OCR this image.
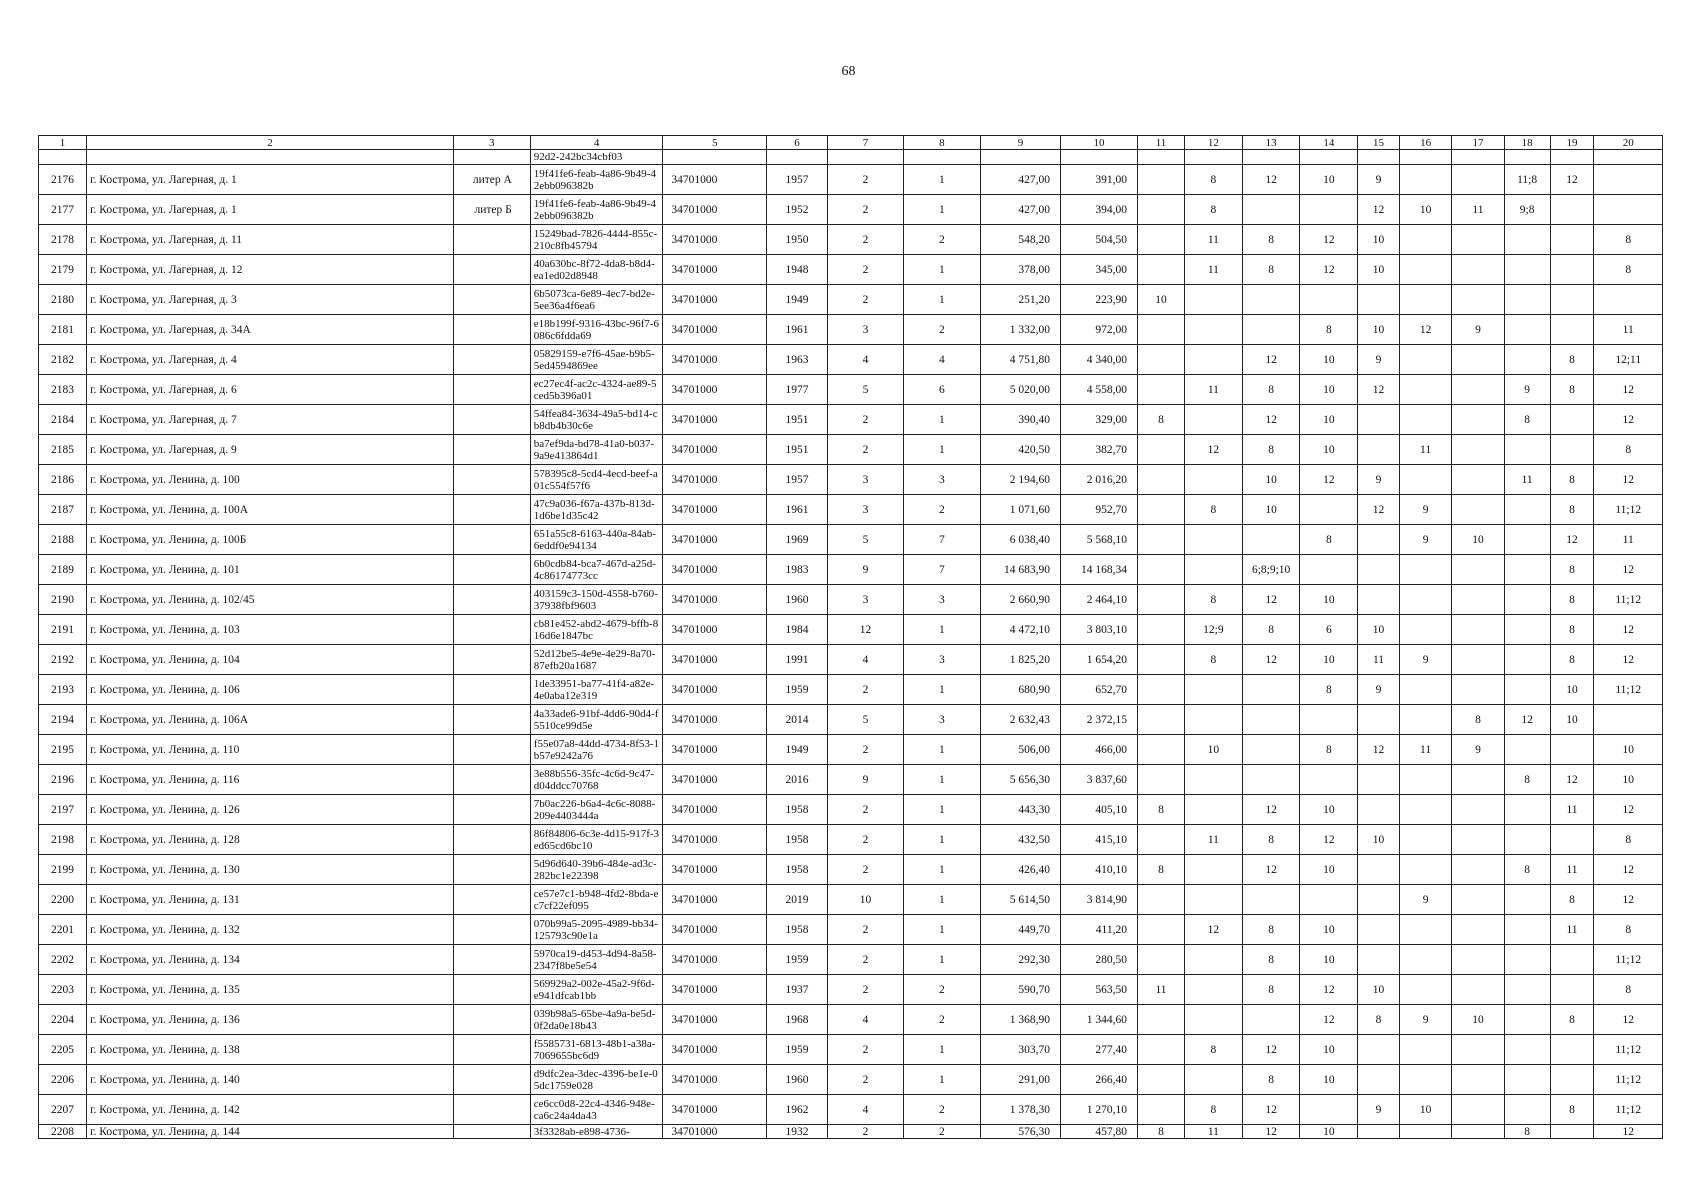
68
1	2	3	4	5	6	7	8	9	10	11	12	13	14	15	16	17	18	19	20
			92d2-242bc34cbf03																
2176	г. Кострома, ул. Лагерная, д. 1	литер А	19f41fe6-feab-4a86-9b49-42ebb096382b	34701000	1957	2	1	427,00	391,00		8	12	10	9			11;8	12	
2177	г. Кострома, ул. Лагерная, д. 1	литер Б	19f41fe6-feab-4a86-9b49-42ebb096382b	34701000	1952	2	1	427,00	394,00		8			12	10	11	9;8		
2178	г. Кострома, ул. Лагерная, д. 11		15249bad-7826-4444-855c-210c8fb45794	34701000	1950	2	2	548,20	504,50		11	8	12	10					8
2179	г. Кострома, ул. Лагерная, д. 12		40a630bc-8f72-4da8-b8d4-ea1ed02d8948	34701000	1948	2	1	378,00	345,00		11	8	12	10					8
2180	г. Кострома, ул. Лагерная, д. 3		6b5073ca-6e89-4ec7-bd2e-5ee36a4f6ea6	34701000	1949	2	1	251,20	223,90	10									
2181	г. Кострома, ул. Лагерная, д. 34А		e18b199f-9316-43bc-96f7-6086c6fdda69	34701000	1961	3	2	1 332,00	972,00				8	10	12	9			11
2182	г. Кострома, ул. Лагерная, д. 4		05829159-e7f6-45ae-b9b5-5ed4594869ee	34701000	1963	4	4	4 751,80	4 340,00			12	10	9				8	12;11
2183	г. Кострома, ул. Лагерная, д. 6		ec27ec4f-ac2c-4324-ae89-5ced5b396a01	34701000	1977	5	6	5 020,00	4 558,00		11	8	10	12			9	8	12
2184	г. Кострома, ул. Лагерная, д. 7		54ffea84-3634-49a5-bd14-cb8db4b30c6e	34701000	1951	2	1	390,40	329,00	8		12	10				8		12
2185	г. Кострома, ул. Лагерная, д. 9		ba7ef9da-bd78-41a0-b037-9a9e413864d1	34701000	1951	2	1	420,50	382,70		12	8	10		11				8
2186	г. Кострома, ул. Ленина, д. 100		578395c8-5cd4-4ecd-beef-a01c554f57f6	34701000	1957	3	3	2 194,60	2 016,20			10	12	9			11	8	12
2187	г. Кострома, ул. Ленина, д. 100А		47c9a036-f67a-437b-813d-1d6be1d35c42	34701000	1961	3	2	1 071,60	952,70		8	10		12	9			8	11;12
2188	г. Кострома, ул. Ленина, д. 100Б		651a55c8-6163-440a-84ab-6eddf0e94134	34701000	1969	5	7	6 038,40	5 568,10				8		9	10		12	11
2189	г. Кострома, ул. Ленина, д. 101		6b0cdb84-bca7-467d-a25d-4c86174773cc	34701000	1983	9	7	14 683,90	14 168,34			6;8;9;10						8	12
2190	г. Кострома, ул. Ленина, д. 102/45		403159c3-150d-4558-b760-37938fbf9603	34701000	1960	3	3	2 660,90	2 464,10		8	12	10					8	11;12
2191	г. Кострома, ул. Ленина, д. 103		cb81e452-abd2-4679-bffb-816d6e1847bc	34701000	1984	12	1	4 472,10	3 803,10		12;9	8	6	10				8	12
2192	г. Кострома, ул. Ленина, д. 104		52d12be5-4e9e-4e29-8a70-87efb20a1687	34701000	1991	4	3	1 825,20	1 654,20		8	12	10	11	9			8	12
2193	г. Кострома, ул. Ленина, д. 106		1de33951-ba77-41f4-a82e-4e0aba12e319	34701000	1959	2	1	680,90	652,70				8	9				10	11;12
2194	г. Кострома, ул. Ленина, д. 106А		4a33ade6-91bf-4dd6-90d4-f5510ce99d5e	34701000	2014	5	3	2 632,43	2 372,15							8	12	10	
2195	г. Кострома, ул. Ленина, д. 110		f55e07a8-44dd-4734-8f53-1b57e9242a76	34701000	1949	2	1	506,00	466,00		10		8	12	11	9			10
2196	г. Кострома, ул. Ленина, д. 116		3e88b556-35fc-4c6d-9c47-d04ddcc70768	34701000	2016	9	1	5 656,30	3 837,60								8	12	10
2197	г. Кострома, ул. Ленина, д. 126		7b0ac226-b6a4-4c6c-8088-209e4403444a	34701000	1958	2	1	443,30	405,10	8		12	10					11	12
2198	г. Кострома, ул. Ленина, д. 128		86f84806-6c3e-4d15-917f-3ed65cd6bc10	34701000	1958	2	1	432,50	415,10		11	8	12	10					8
2199	г. Кострома, ул. Ленина, д. 130		5d96d640-39b6-484e-ad3c-282bc1e22398	34701000	1958	2	1	426,40	410,10	8		12	10				8	11	12
2200	г. Кострома, ул. Ленина, д. 131		ce57e7c1-b948-4fd2-8bda-ec7cf22ef095	34701000	2019	10	1	5 614,50	3 814,90						9			8	12
2201	г. Кострома, ул. Ленина, д. 132		070b99a5-2095-4989-bb34-125793c90e1a	34701000	1958	2	1	449,70	411,20		12	8	10					11	8
2202	г. Кострома, ул. Ленина, д. 134		5970ca19-d453-4d94-8a58-2347f8be5e54	34701000	1959	2	1	292,30	280,50			8	10						11;12
2203	г. Кострома, ул. Ленина, д. 135		569929a2-002e-45a2-9f6d-e941dfcab1bb	34701000	1937	2	2	590,70	563,50	11		8	12	10					8
2204	г. Кострома, ул. Ленина, д. 136		039b98a5-65be-4a9a-be5d-0f2da0e18b43	34701000	1968	4	2	1 368,90	1 344,60				12	8	9	10		8	12
2205	г. Кострома, ул. Ленина, д. 138		f5585731-6813-48b1-a38a-7069655bc6d9	34701000	1959	2	1	303,70	277,40		8	12	10						11;12
2206	г. Кострома, ул. Ленина, д. 140		d9dfc2ea-3dec-4396-be1e-05dc1759e028	34701000	1960	2	1	291,00	266,40			8	10						11;12
2207	г. Кострома, ул. Ленина, д. 142		ce6cc0d8-22c4-4346-948e-ca6c24a4da43	34701000	1962	4	2	1 378,30	1 270,10		8	12		9	10			8	11;12
2208	г. Кострома, ул. Ленина, д. 144		3f3328ab-e898-4736-	34701000	1932	2	2	576,30	457,80	8	11	12	10				8		12
